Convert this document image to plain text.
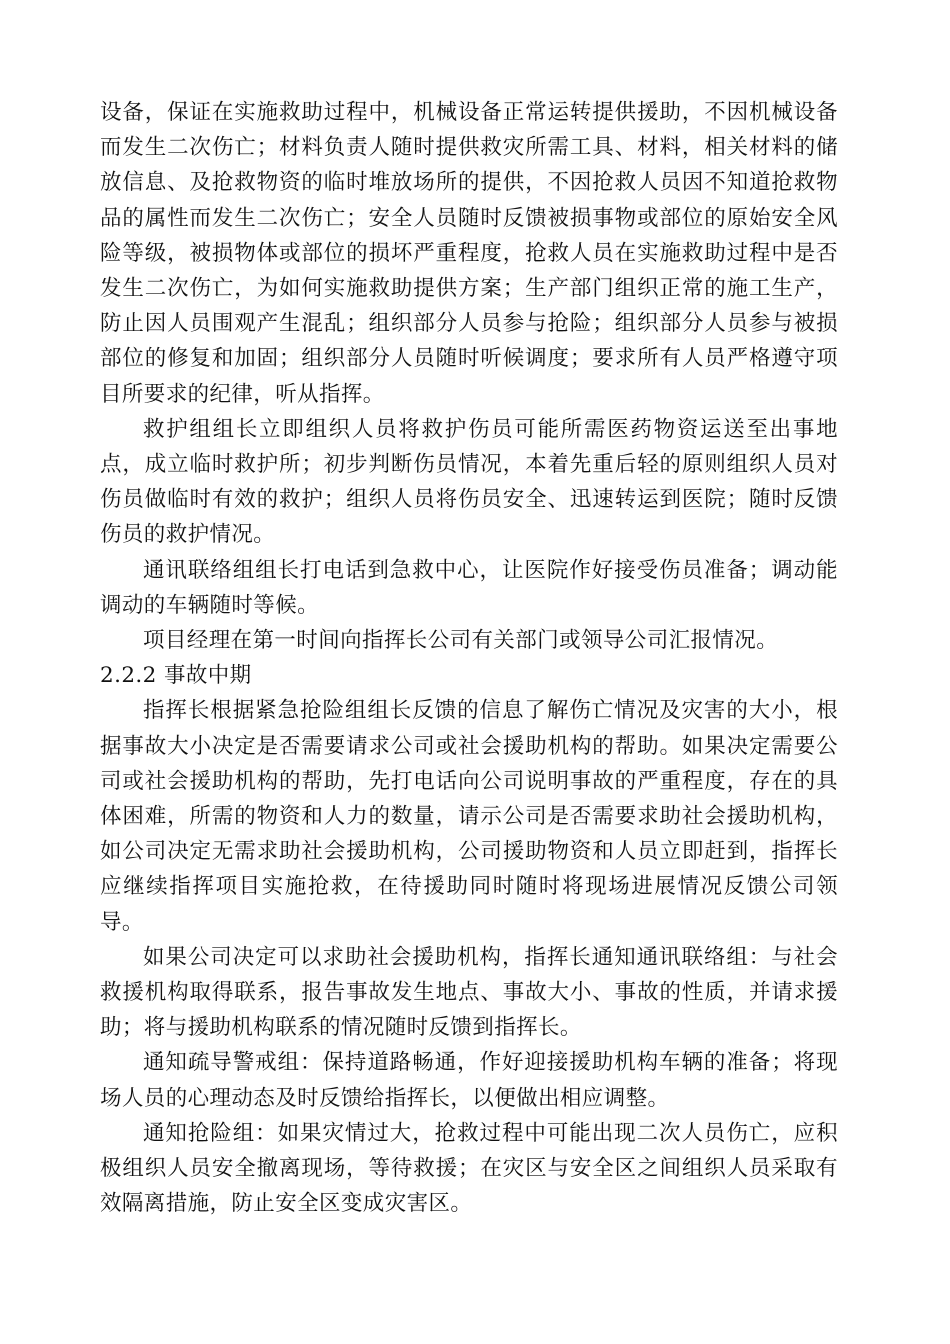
设备，保证在实施救助过程中，机械设备正常运转提供援助，不因机械设备而发生二次伤亡；材料负责人随时提供救灾所需工具、材料，相关材料的储放信息、及抢救物资的临时堆放场所的提供，不因抢救人员因不知道抢救物品的属性而发生二次伤亡；安全人员随时反馈被损事物或部位的原始安全风险等级，被损物体或部位的损坏严重程度，抢救人员在实施救助过程中是否发生二次伤亡，为如何实施救助提供方案；生产部门组织正常的施工生产，防止因人员围观产生混乱；组织部分人员参与抢险；组织部分人员参与被损部位的修复和加固；组织部分人员随时听候调度；要求所有人员严格遵守项目所要求的纪律，听从指挥。

救护组组长立即组织人员将救护伤员可能所需医药物资运送至出事地点，成立临时救护所；初步判断伤员情况，本着先重后轻的原则组织人员对伤员做临时有效的救护；组织人员将伤员安全、迅速转运到医院；随时反馈伤员的救护情况。

通讯联络组组长打电话到急救中心，让医院作好接受伤员准备；调动能调动的车辆随时等候。

项目经理在第一时间向指挥长公司有关部门或领导公司汇报情况。

2.2.2 事故中期

指挥长根据紧急抢险组组长反馈的信息了解伤亡情况及灾害的大小，根据事故大小决定是否需要请求公司或社会援助机构的帮助。如果决定需要公司或社会援助机构的帮助，先打电话向公司说明事故的严重程度，存在的具体困难，所需的物资和人力的数量，请示公司是否需要求助社会援助机构，如公司决定无需求助社会援助机构，公司援助物资和人员立即赶到，指挥长应继续指挥项目实施抢救，在待援助同时随时将现场进展情况反馈公司领导。

如果公司决定可以求助社会援助机构，指挥长通知通讯联络组：与社会救援机构取得联系，报告事故发生地点、事故大小、事故的性质，并请求援助；将与援助机构联系的情况随时反馈到指挥长。

通知疏导警戒组：保持道路畅通，作好迎接援助机构车辆的准备；将现场人员的心理动态及时反馈给指挥长，以便做出相应调整。

通知抢险组：如果灾情过大，抢救过程中可能出现二次人员伤亡，应积极组织人员安全撤离现场，等待救援；在灾区与安全区之间组织人员采取有效隔离措施，防止安全区变成灾害区。
